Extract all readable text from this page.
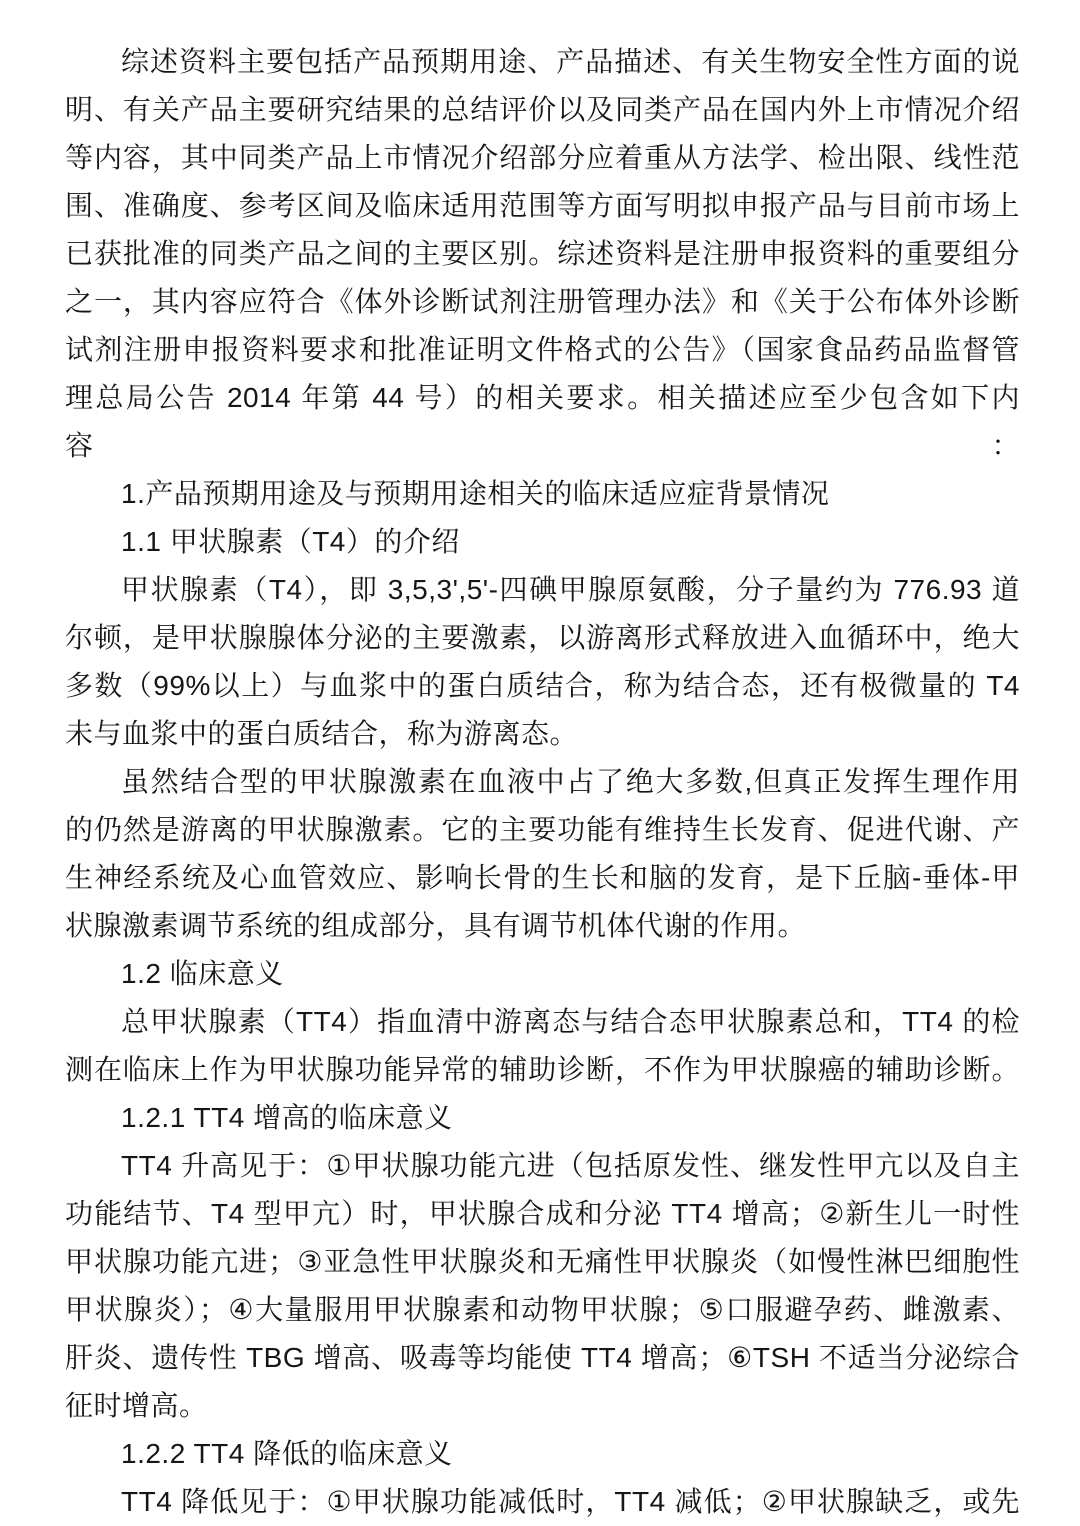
综述资料主要包括产品预期用途、产品描述、有关生物安全性方面的说
明、有关产品主要研究结果的总结评价以及同类产品在国内外上市情况介绍
等内容，其中同类产品上市情况介绍部分应着重从方法学、检出限、线性范
围、准确度、参考区间及临床适用范围等方面写明拟申报产品与目前市场上
已获批准的同类产品之间的主要区别。综述资料是注册申报资料的重要组分
之一，其内容应符合《体外诊断试剂注册管理办法》和《关于公布体外诊断
试剂注册申报资料要求和批准证明文件格式的公告》（国家食品药品监督管
理总局公告 2014 年第 44 号）的相关要求。相关描述应至少包含如下内容：
1.产品预期用途及与预期用途相关的临床适应症背景情况
1.1 甲状腺素（T4）的介绍
甲状腺素（T4），即 3,5,3',5'-四碘甲腺原氨酸，分子量约为 776.93 道
尔顿，是甲状腺腺体分泌的主要激素，以游离形式释放进入血循环中，绝大
多数（99%以上）与血浆中的蛋白质结合，称为结合态，还有极微量的 T4
未与血浆中的蛋白质结合，称为游离态。
虽然结合型的甲状腺激素在血液中占了绝大多数,但真正发挥生理作用
的仍然是游离的甲状腺激素。它的主要功能有维持生长发育、促进代谢、产
生神经系统及心血管效应、影响长骨的生长和脑的发育，是下丘脑-垂体-甲
状腺激素调节系统的组成部分，具有调节机体代谢的作用。
1.2 临床意义
总甲状腺素（TT4）指血清中游离态与结合态甲状腺素总和，TT4 的检
测在临床上作为甲状腺功能异常的辅助诊断，不作为甲状腺癌的辅助诊断。
1.2.1 TT4 增高的临床意义
TT4 升高见于：①甲状腺功能亢进（包括原发性、继发性甲亢以及自主
功能结节、T4 型甲亢）时，甲状腺合成和分泌 TT4 增高；②新生儿一时性
甲状腺功能亢进；③亚急性甲状腺炎和无痛性甲状腺炎（如慢性淋巴细胞性
甲状腺炎）；④大量服用甲状腺素和动物甲状腺；⑤口服避孕药、雌激素、
肝炎、遗传性 TBG 增高、吸毒等均能使 TT4 增高；⑥TSH 不适当分泌综合
征时增高。
1.2.2 TT4 降低的临床意义
TT4 降低见于：①甲状腺功能减低时，TT4 减低；②甲状腺缺乏，或先
